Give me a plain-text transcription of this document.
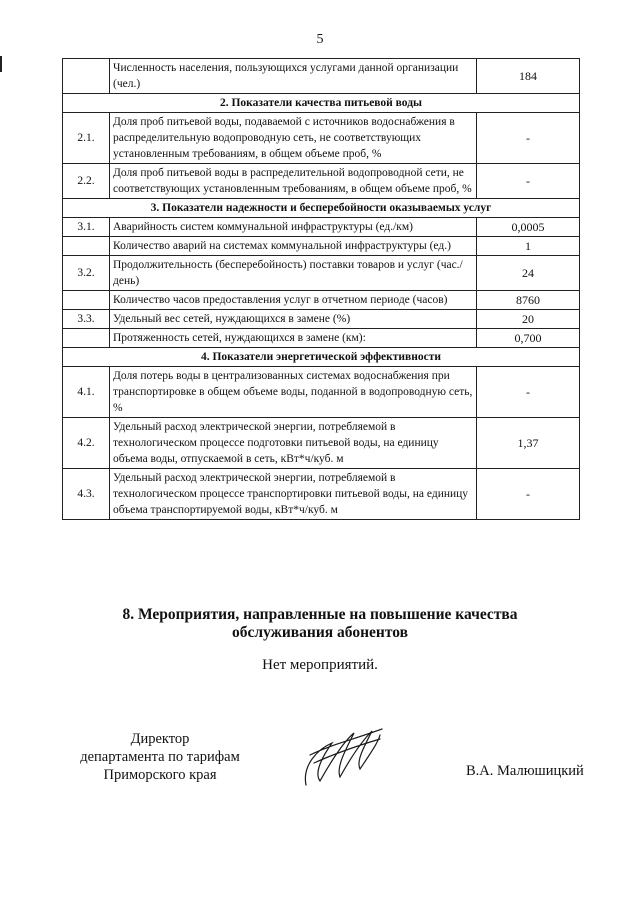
5
	Численность населения, пользующихся услугами данной организации (чел.)	184
2. Показатели качества питьевой воды		
2.1.	Доля проб питьевой воды, подаваемой с источников водоснабжения в распределительную водопроводную сеть, не соответствующих установленным требованиям, в общем объеме проб, %	-
2.2.	Доля проб питьевой воды в распределительной водопроводной сети, не соответствующих установленным требованиям, в общем объеме проб, %	-
3. Показатели надежности и бесперебойности оказываемых услуг		
3.1.	Аварийность систем коммунальной инфраструктуры (ед./км)	0,0005
	Количество аварий на системах коммунальной инфраструктуры (ед.)	1
3.2.	Продолжительность (бесперебойность) поставки товаров и услуг (час./день)	24
	Количество часов предоставления услуг в отчетном периоде (часов)	8760
3.3.	Удельный вес сетей, нуждающихся в замене (%)	20
	Протяженность сетей, нуждающихся в замене (км):	0,700
4. Показатели энергетической эффективности		
4.1.	Доля потерь воды в централизованных системах водоснабжения при транспортировке в общем объеме воды, поданной в водопроводную сеть, %	-
4.2.	Удельный расход электрической энергии, потребляемой в технологическом процессе подготовки питьевой воды, на единицу объема воды, отпускаемой в сеть, кВт*ч/куб. м	1,37
4.3.	Удельный расход электрической энергии, потребляемой в технологическом процессе транспортировки питьевой воды, на единицу объема транспортируемой воды, кВт*ч/куб. м	-
8. Мероприятия, направленные на повышение качества
обслуживания абонентов
Нет мероприятий.
Директор
департамента по тарифам
Приморского края	В.А. Малюшицкий
